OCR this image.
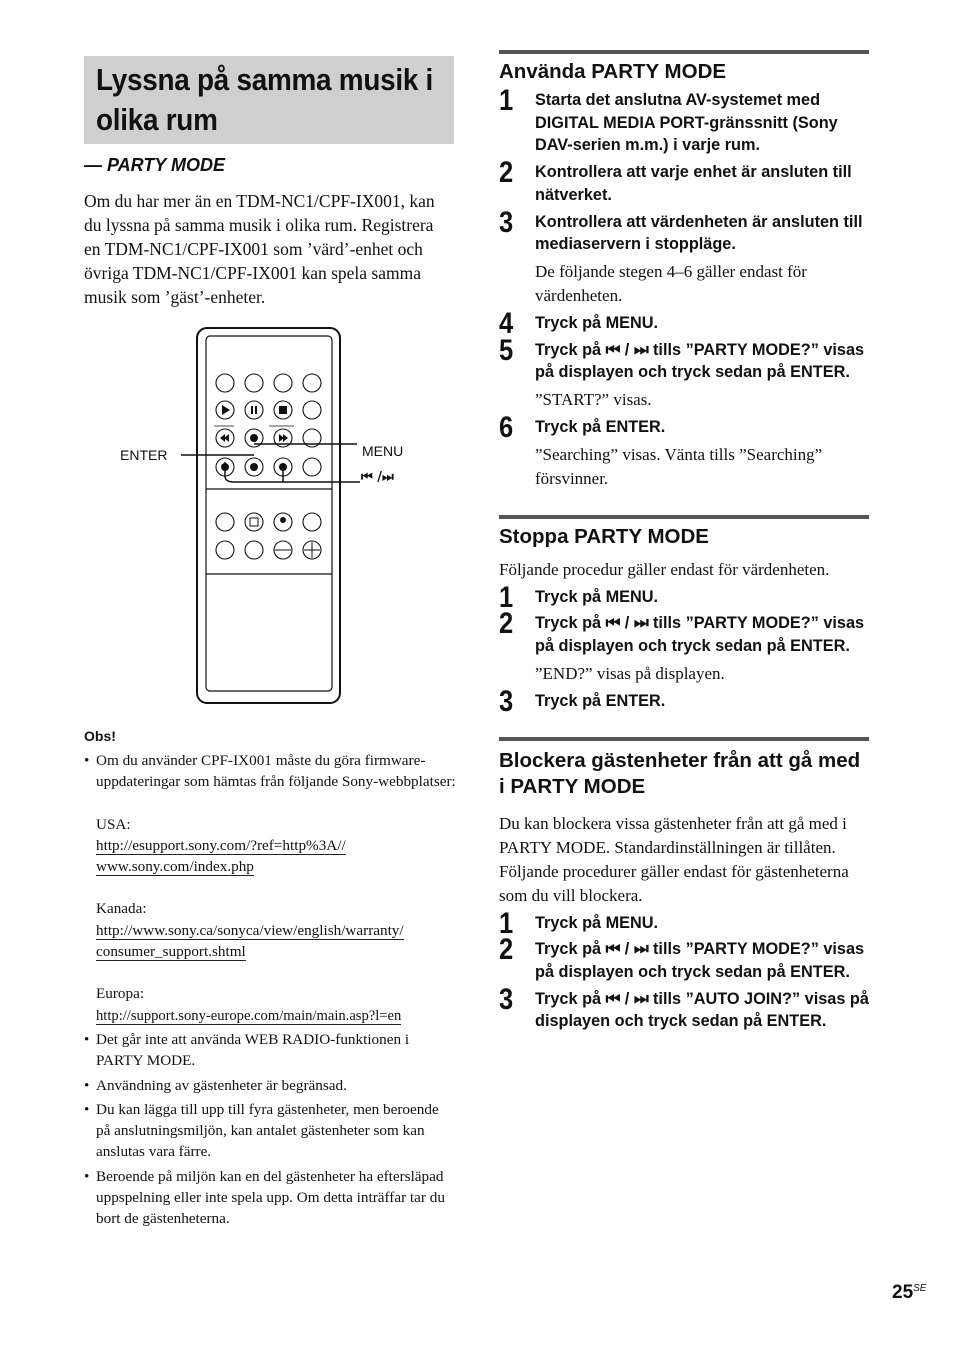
Lyssna på samma musik i olika rum
— PARTY MODE

Om du har mer än en TDM-NC1/CPF-IX001, kan du lyssna på samma musik i olika rum. Registrera en TDM-NC1/CPF-IX001 som ’värd’-enhet och övriga TDM-NC1/CPF-IX001 kan spela samma musik som ’gäst’-enheter.

ENTER	MENU
⏮ /⏭
Obs!
• Om du använder CPF-IX001 måste du göra firmware-uppdateringar som hämtas från följande Sony-webbplatser:
USA:
http://esupport.sony.com/?ref=http%3A// www.sony.com/index.php
Kanada:
http://www.sony.ca/sonyca/view/english/warranty/ consumer_support.shtml
Europa:
http://support.sony-europe.com/main/main.asp?l=en
• Det går inte att använda WEB RADIO-funktionen i PARTY MODE.
• Användning av gästenheter är begränsad.
• Du kan lägga till upp till fyra gästenheter, men beroende på anslutningsmiljön, kan antalet gästenheter som kan anslutas vara färre.
• Beroende på miljön kan en del gästenheter ha eftersläpad uppspelning eller inte spela upp. Om detta inträffar tar du bort de gästenheterna.
Använda PARTY MODE
1 Starta det anslutna AV-systemet med DIGITAL MEDIA PORT-gränssnitt (Sony DAV-serien m.m.) i varje rum.
2 Kontrollera att varje enhet är ansluten till nätverket.
3 Kontrollera att värdenheten är ansluten till mediaservern i stoppläge.
De följande stegen 4–6 gäller endast för värdenheten.
4 Tryck på MENU.
5 Tryck på ⏮ / ⏭ tills ”PARTY MODE?” visas på displayen och tryck sedan på ENTER.
”START?” visas.
6 Tryck på ENTER.
”Searching” visas. Vänta tills ”Searching” försvinner.
Stoppa PARTY MODE

Följande procedur gäller endast för värdenheten.

1 Tryck på MENU.
2 Tryck på ⏮ / ⏭ tills ”PARTY MODE?” visas på displayen och tryck sedan på ENTER.
”END?” visas på displayen.
3 Tryck på ENTER.
Blockera gästenheter från att gå med i PARTY MODE

Du kan blockera vissa gästenheter från att gå med i PARTY MODE. Standardinställningen är tillåten.

Följande procedurer gäller endast för gästenheterna som du vill blockera.

1 Tryck på MENU.
2 Tryck på ⏮ / ⏭ tills ”PARTY MODE?” visas på displayen och tryck sedan på ENTER.
3 Tryck på ⏮ / ⏭ tills ”AUTO JOIN?” visas på displayen och tryck sedan på ENTER.
$25^{SE}$
